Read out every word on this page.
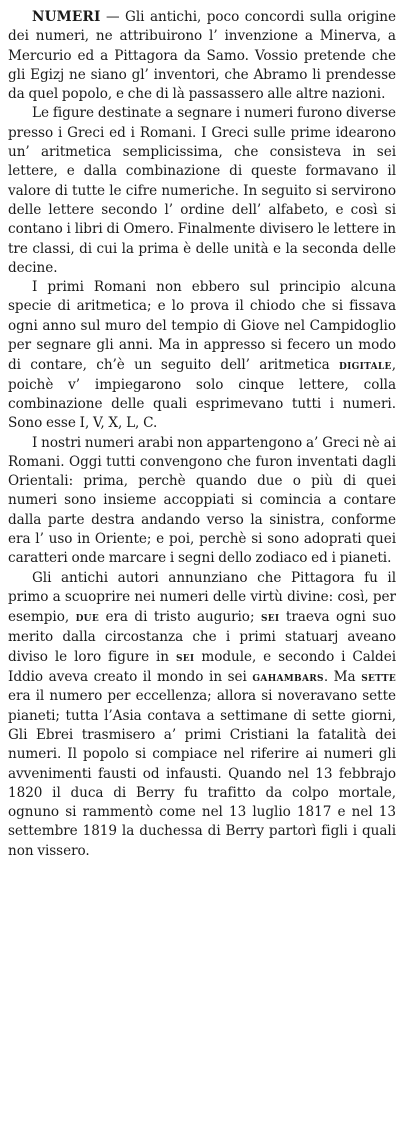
NUMERI — Gli antichi, poco concordi sulla origine dei numeri, ne attribuirono l’ invenzione a Minerva, a Mercurio ed a Pittagora da Samo. Vossio pretende che gli Egizj ne siano gl’ inventori, che Abramo li prendesse da quel popolo, e che di là passassero alle altre nazioni.

Le figure destinate a segnare i numeri furono diverse presso i Greci ed i Romani. I Greci sulle prime idearono un’ aritmetica semplicissima, che consisteva in sei lettere, e dalla combinazione di queste formavano il valore di tutte le cifre numeriche. In seguito si servirono delle lettere secondo l’ ordine dell’ alfabeto, e così si contano i libri di Omero. Finalmente divisero le lettere in tre classi, di cui la prima è delle unità e la seconda delle decine.

I primi Romani non ebbero sul principio alcuna specie di aritmetica; e lo prova il chiodo che si fissava ogni anno sul muro del tempio di Giove nel Campidoglio per segnare gli anni. Ma in appresso si fecero un modo di contare, ch’è un seguito dell’ aritmetica digitale, poichè v’ impiegarono solo cinque lettere, colla combinazione delle quali esprimevano tutti i numeri. Sono esse I, V, X, L, C.

I nostri numeri arabi non appartengono a’ Greci nè ai Romani. Oggi tutti convengono che furon inventati dagli Orientali: prima, perchè quando due o più di quei numeri sono insieme accoppiati si comincia a contare dalla parte destra andando verso la sinistra, conforme era l’ uso in Oriente; e poi, perchè si sono adoprati quei caratteri onde marcare i segni dello zodiaco ed i pianeti.

Gli antichi autori annunziano che Pittagora fu il primo a scuoprire nei numeri delle virtù divine: così, per esempio, due era di tristo augurio; sei traeva ogni suo merito dalla circostanza che i primi statuarj aveano diviso le loro figure in sei module, e secondo i Caldei Iddio aveva creato il mondo in sei gahambars. Ma sette era il numero per eccellenza; allora si noveravano sette pianeti; tutta l’Asia contava a settimane di sette giorni, Gli Ebrei trasmisero a’ primi Cristiani la fatalità dei numeri. Il popolo si compiace nel riferire ai numeri gli avvenimenti fausti od infausti. Quando nel 13 febbrajo 1820 il duca di Berry fu trafitto da colpo mortale, ognuno si rammentò come nel 13 luglio 1817 e nel 13 settembre 1819 la duchessa di Berry partorì figli i quali non vissero.
